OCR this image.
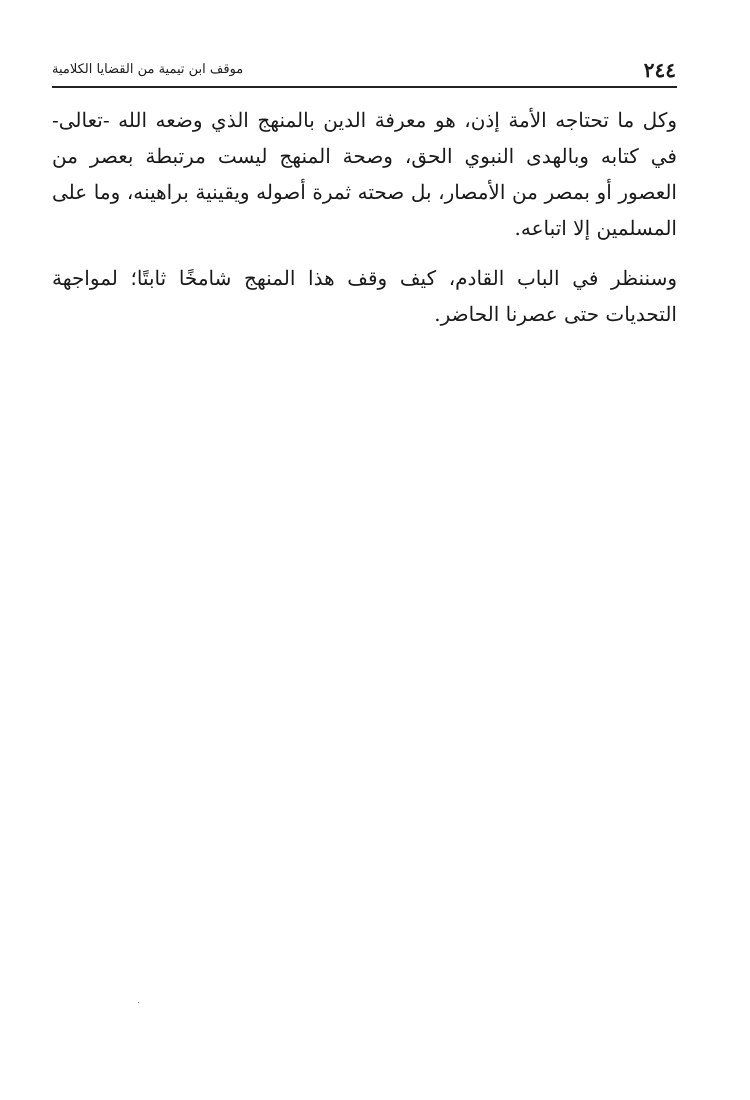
موقف ابن تيمية من القضايا الكلامية	٢٤٤

وكل ما تحتاجه الأمة إذن، هو معرفة الدين بالمنهج الذي وضعه الله -تعالى- في كتابه وبالهدى النبوي الحق، وصحة المنهج ليست مرتبطة بعصر من العصور أو بمصر من الأمصار، بل صحته ثمرة أصوله ويقينية براهينه، وما على المسلمين إلا اتباعه.

وسننظر في الباب القادم، كيف وقف هذا المنهج شامخًا ثابتًا؛ لمواجهة التحديات حتى عصرنا الحاضر.
